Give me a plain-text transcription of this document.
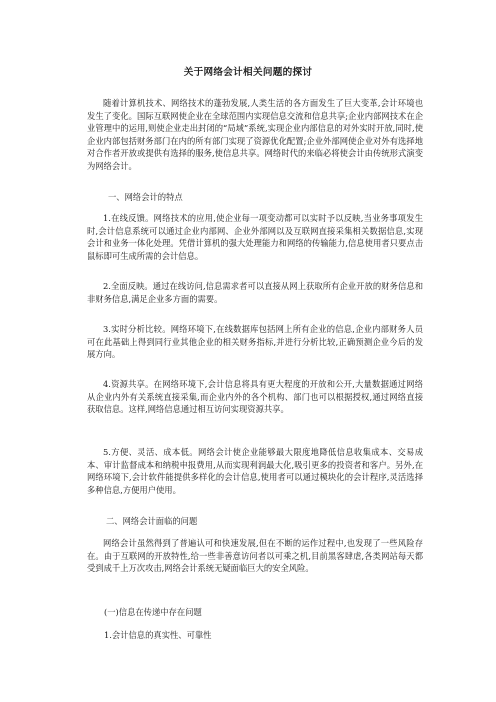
关于网络会计相关问题的探讨

随着计算机技术、网络技术的蓬勃发展,人类生活的各方面发生了巨大变革,会计环境也发生了变化。国际互联网使企业在全球范围内实现信息交流和信息共享;企业内部网技术在企业管理中的运用,则使企业走出封闭的“局域”系统,实现企业内部信息的对外实时开放,同时,使企业内部包括财务部门在内的所有部门实现了资源优化配置;企业外部网使企业对外有选择地对合作者开放或提供有选择的服务,使信息共享。网络时代的来临必将使会计由传统形式演变为网络会计。

一、网络会计的特点

1.在线反馈。网络技术的应用,使企业每一项变动都可以实时予以反映,当业务事项发生时,会计信息系统可以通过企业内部网、企业外部网以及互联网直接采集相关数据信息,实现会计和业务一体化处理。凭借计算机的强大处理能力和网络的传输能力,信息使用者只要点击鼠标即可生成所需的会计信息。

2.全面反映。通过在线访问,信息需求者可以直接从网上获取所有企业开放的财务信息和非财务信息,满足企业多方面的需要。

3.实时分析比较。网络环境下,在线数据库包括网上所有企业的信息,企业内部财务人员可在此基础上得到同行业其他企业的相关财务指标,并进行分析比较,正确预测企业今后的发展方向。

4.资源共享。在网络环境下,会计信息将具有更大程度的开放和公开,大量数据通过网络从企业内外有关系统直接采集,而企业内外的各个机构、部门也可以根据授权,通过网络直接获取信息。这样,网络信息通过相互访问实现资源共享。

5.方便、灵活、成本低。网络会计使企业能够最大限度地降低信息收集成本、交易成本、审计监督成本和纳税申报费用,从而实现利润最大化,吸引更多的投资者和客户。另外,在网络环境下,会计软件能提供多样化的会计信息,使用者可以通过模块化的会计程序,灵活选择多种信息,方便用户使用。

二、网络会计面临的问题

网络会计虽然得到了普遍认可和快速发展,但在不断的运作过程中,也发现了一些风险存在。由于互联网的开放特性,给一些非善意访问者以可乘之机,目前黑客肆虐,各类网站每天都受到成千上万次攻击,网络会计系统无疑面临巨大的安全风险。

(一)信息在传递中存在问题

1.会计信息的真实性、可靠性
